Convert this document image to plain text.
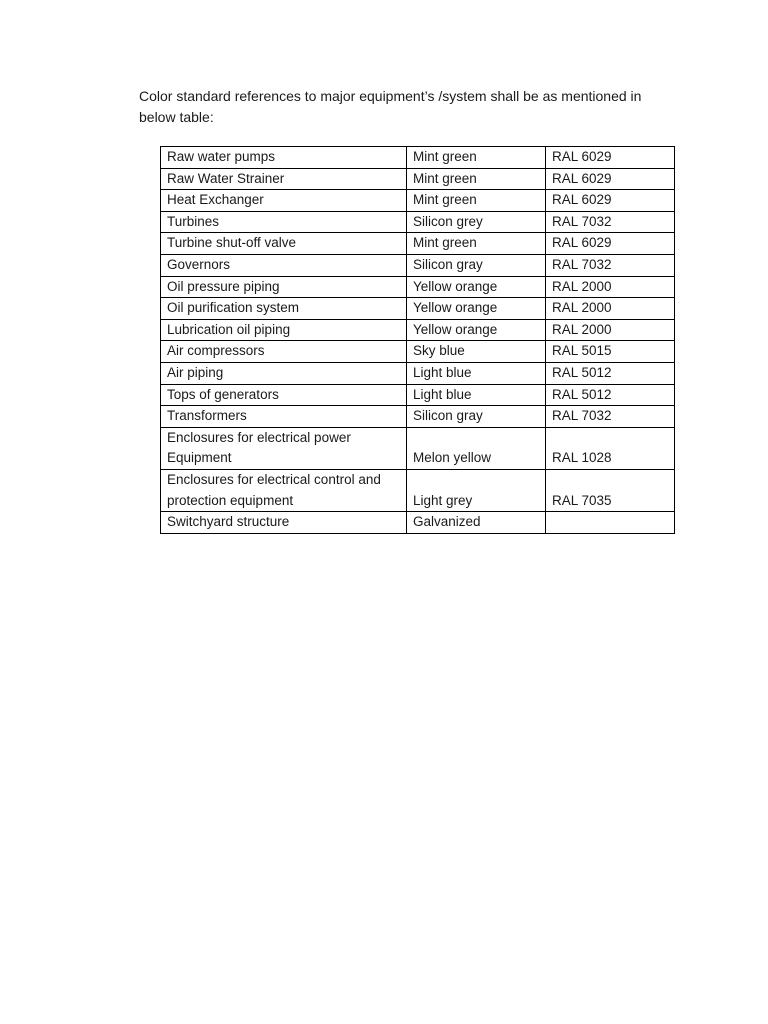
Color standard references to major equipment’s /system shall be as mentioned in below table:

Raw water pumps	Mint green	RAL 6029
Raw Water Strainer	Mint green	RAL 6029
Heat Exchanger	Mint green	RAL 6029
Turbines	Silicon grey	RAL 7032
Turbine shut-off valve	Mint green	RAL 6029
Governors	Silicon gray	RAL 7032
Oil pressure piping	Yellow orange	RAL 2000
Oil purification system	Yellow orange	RAL 2000
Lubrication oil piping	Yellow orange	RAL 2000
Air compressors	Sky blue	RAL 5015
Air piping	Light blue	RAL 5012
Tops of generators	Light blue	RAL 5012
Transformers	Silicon gray	RAL 7032
Enclosures for electrical power Equipment	Melon yellow	RAL 1028
Enclosures for electrical control and protection equipment	Light grey	RAL 7035
Switchyard structure	Galvanized	
